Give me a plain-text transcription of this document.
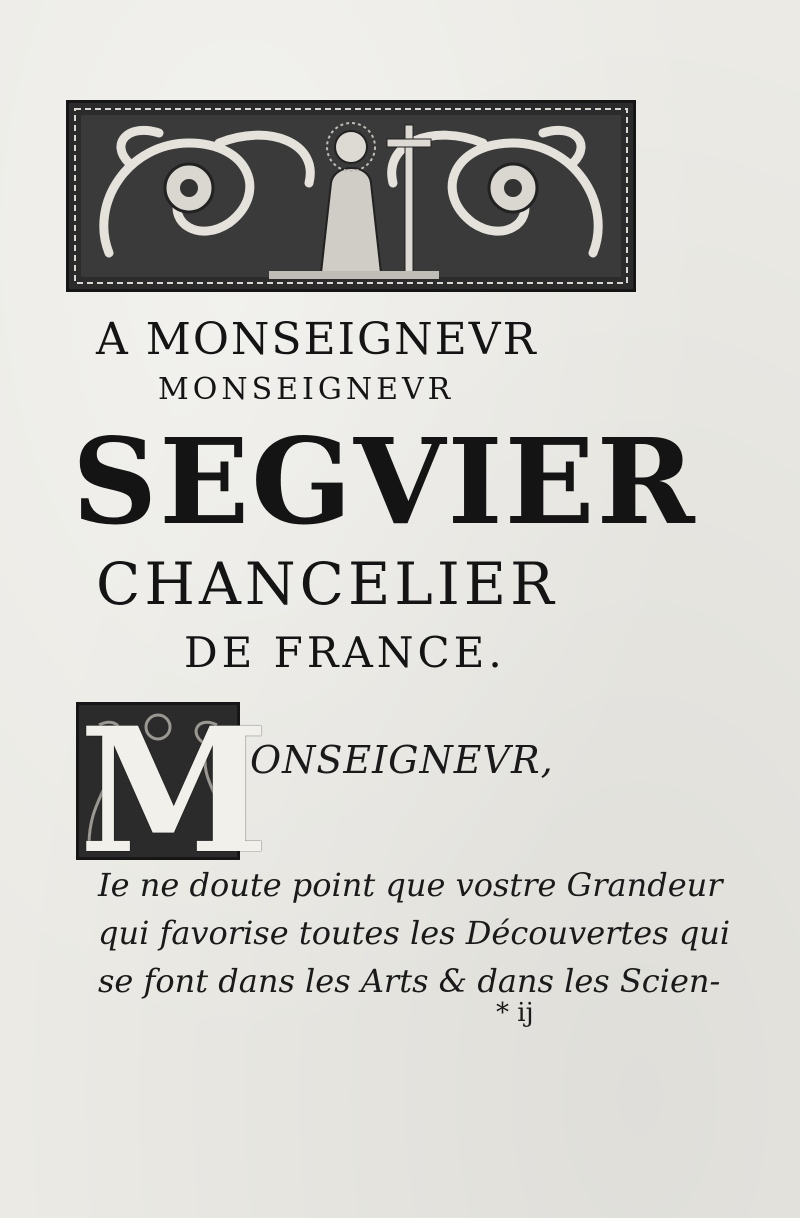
A MONSEIGNEVR
MONSEIGNEVR
SEGVIER
CHANCELIER
DE FRANCE.
M
ONSEIGNEVR,
Ie ne doute point que vostre Grandeur
qui favorise toutes les Découvertes qui
se font dans les Arts & dans les Scien-
* ij
